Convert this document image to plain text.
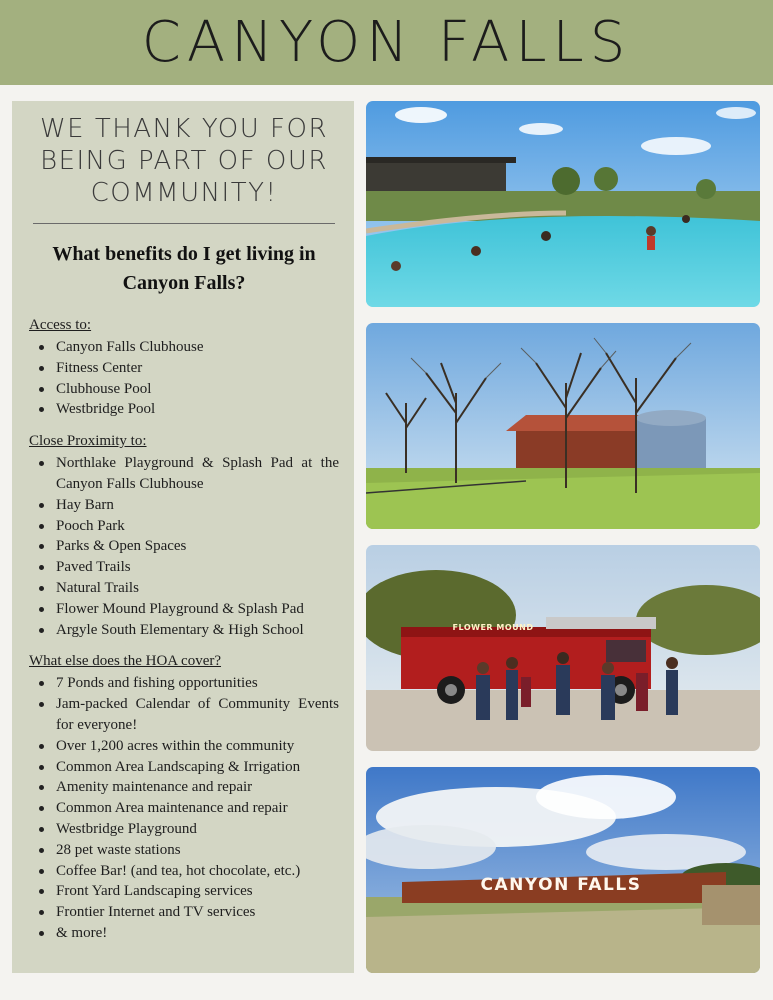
CANYON FALLS
WE THANK YOU FOR BEING PART OF OUR COMMUNITY!
What benefits do I get living in Canyon Falls?
Access to:
Canyon Falls Clubhouse
Fitness Center
Clubhouse Pool
Westbridge Pool
Close Proximity to:
Northlake Playground & Splash Pad at the Canyon Falls Clubhouse
Hay Barn
Pooch Park
Parks & Open Spaces
Paved Trails
Natural Trails
Flower Mound Playground & Splash Pad
Argyle South Elementary & High School
What else does the HOA cover?
7 Ponds and fishing opportunities
Jam-packed Calendar of Community Events for everyone!
Over 1,200 acres within the community
Common Area Landscaping & Irrigation
Amenity maintenance and repair
Common Area maintenance and repair
Westbridge Playground
28 pet waste stations
Coffee Bar! (and tea, hot chocolate, etc.)
Front Yard Landscaping services
Frontier Internet and TV services
& more!
FLOWER MOUND
CANYON FALLS
